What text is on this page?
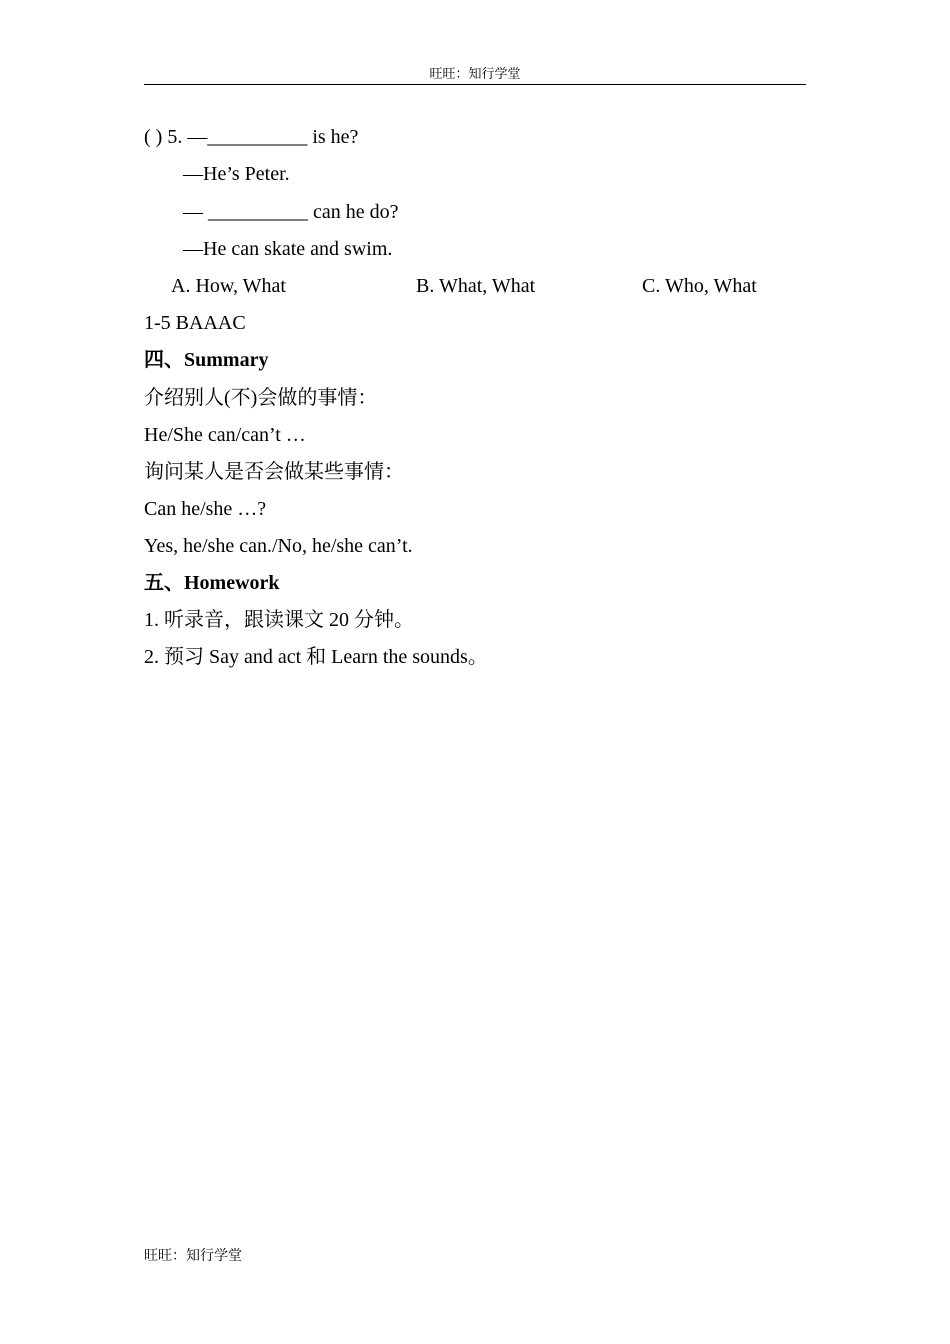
旺旺：知行学堂
( ) 5. —__________ is he?
—He’s Peter.
— __________ can he do?
—He can skate and swim.
A. How, What	B. What, What	C. Who, What
1-5 BAAAC
四、Summary
介绍别人(不)会做的事情：
He/She can/can’t …
询问某人是否会做某些事情：
Can he/she …?
Yes, he/she can./No, he/she can’t.
五、Homework
1. 听录音，跟读课文 20 分钟。
2. 预习 Say and act 和 Learn the sounds。
旺旺：知行学堂
